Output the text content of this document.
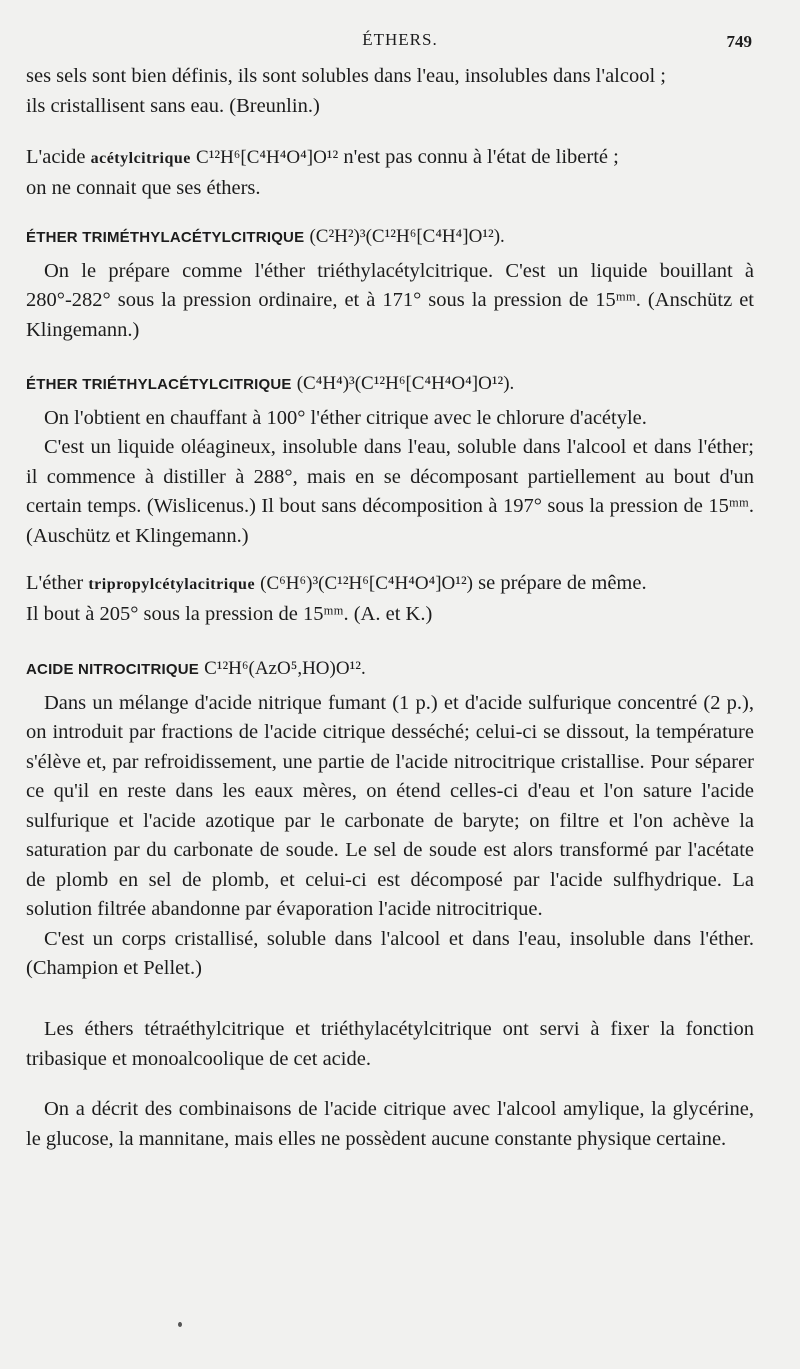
ÉTHERS.	749

ses sels sont bien définis, ils sont solubles dans l'eau, insolubles dans l'alcool ;

ils cristallisent sans eau. (Breunlin.)

L'acide acétylcitrique C¹²H⁶[C⁴H⁴O⁴]O¹² n'est pas connu à l'état de liberté ;

on ne connait que ses éthers.

ÉTHER TRIMÉTHYLACÉTYLCITRIQUE (C²H²)³(C¹²H⁶[C⁴H⁴]O¹²).

On le prépare comme l'éther triéthylacétylcitrique. C'est un liquide bouillant à 280°-282° sous la pression ordinaire, et à 171° sous la pression de 15ᵐᵐ. (Anschütz et Klingemann.)

ÉTHER TRIÉTHYLACÉTYLCITRIQUE (C⁴H⁴)³(C¹²H⁶[C⁴H⁴O⁴]O¹²).

On l'obtient en chauffant à 100° l'éther citrique avec le chlorure d'acétyle.

C'est un liquide oléagineux, insoluble dans l'eau, soluble dans l'alcool et dans l'éther; il commence à distiller à 288°, mais en se décomposant partiellement au bout d'un certain temps. (Wislicenus.) Il bout sans décomposition à 197° sous la pression de 15ᵐᵐ. (Auschütz et Klingemann.)

L'éther tripropylcétylacitrique (C⁶H⁶)³(C¹²H⁶[C⁴H⁴O⁴]O¹²) se prépare de même.

Il bout à 205° sous la pression de 15ᵐᵐ. (A. et K.)

ACIDE NITROCITRIQUE C¹²H⁶(AzO⁵,HO)O¹².

Dans un mélange d'acide nitrique fumant (1 p.) et d'acide sulfurique concentré (2 p.), on introduit par fractions de l'acide citrique desséché; celui-ci se dissout, la température s'élève et, par refroidissement, une partie de l'acide nitrocitrique cristallise. Pour séparer ce qu'il en reste dans les eaux mères, on étend celles-ci d'eau et l'on sature l'acide sulfurique et l'acide azotique par le carbonate de baryte; on filtre et l'on achève la saturation par du carbonate de soude. Le sel de soude est alors transformé par l'acétate de plomb en sel de plomb, et celui-ci est décomposé par l'acide sulfhydrique. La solution filtrée abandonne par évaporation l'acide nitrocitrique.

C'est un corps cristallisé, soluble dans l'alcool et dans l'eau, insoluble dans l'éther. (Champion et Pellet.)

Les éthers tétraéthylcitrique et triéthylacétylcitrique ont servi à fixer la fonction tribasique et monoalcoolique de cet acide.

On a décrit des combinaisons de l'acide citrique avec l'alcool amylique, la glycérine, le glucose, la mannitane, mais elles ne possèdent aucune constante physique certaine.
